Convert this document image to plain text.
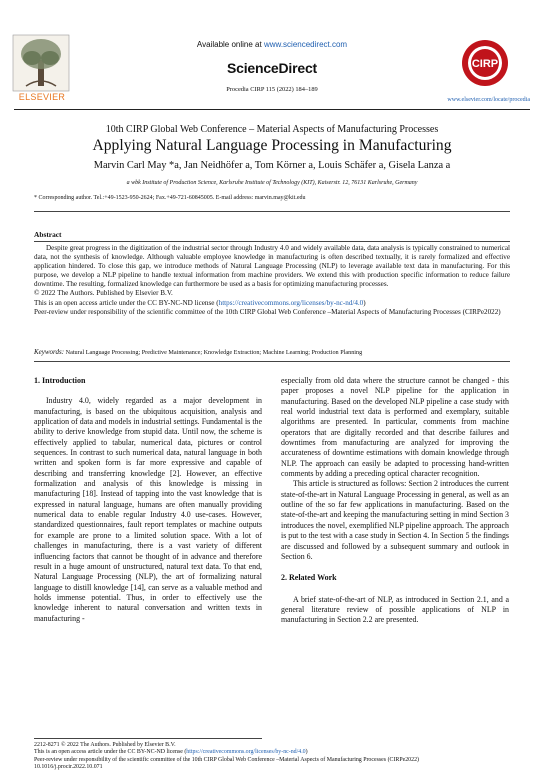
ELSEVIER
Available online at www.sciencedirect.com
ScienceDirect
Procedia CIRP 115 (2022) 184–189
CIRP
www.elsevier.com/locate/procedia
10th CIRP Global Web Conference – Material Aspects of Manufacturing Processes
Applying Natural Language Processing in Manufacturing
Marvin Carl May *a, Jan Neidhöfer a, Tom Körner a, Louis Schäfer a, Gisela Lanza a
a wbk Institute of Production Science, Karlsruhe Institute of Technology (KIT), Kaiserstr. 12, 76131 Karlsruhe, Germany
* Corresponding author. Tel.:+49-1523-950-2624; Fax.+49-721-60845005. E-mail address: marvin.may@kit.edu
Abstract

Despite great progress in the digitization of the industrial sector through Industry 4.0 and widely available data, data analysis is typically constrained to numerical data, not the synthesis of knowledge. Although valuable employee knowledge in manufacturing is often described textually, it is rarely formalized and effective application hindered. To close this gap, we introduce methods of Natural Language Processing (NLP) to leverage available text data in manufacturing. For this purpose, we develop a NLP pipeline to handle textual information from machine providers. We extend this with production specific information to reduce failure downtime. The resulting, formalized knowledge can furthermore be used as a basis for optimizing manufacturing processes.

© 2022 The Authors. Published by Elsevier B.V.

This is an open access article under the CC BY-NC-ND license (https://creativecommons.org/licenses/by-nc-nd/4.0)

Peer-review under responsibility of the scientific committee of the 10th CIRP Global Web Conference –Material Aspects of Manufacturing Processes (CIRPe2022)

Keywords: Natural Language Processing; Predictive Maintenance; Knowledge Extraction; Machine Learning; Production Planning

1. Introduction

Industry 4.0, widely regarded as a major development in manufacturing, is based on the ubiquitous acquisition, analysis and application of data and models in industrial settings. Fundamental is the ability to derive knowledge from stupid data. Until now, the scheme is effectively applied to tabular, numerical data, pictures or control sequences. In contrast to such numerical data, natural language in both written and spoken form is far more expressive and capable of describing and transferring knowledge [2]. However, an effective formalization and analysis of this knowledge is missing in manufacturing [18]. Instead of tapping into the vast knowledge that is expressed in natural language, humans are often manually providing numerical data to enable regular Industry 4.0 use-cases. However, standardized questionnaires, fault report templates or machine outputs for example are prone to a limited solution space. With a lot of challenges in manufacturing, there is a vast variety of different influencing factors that cannot be thought of in advance and therefore result in a huge amount of unstructured, natural text data. To that end, Natural Language Processing (NLP), the art of formalizing natural language to distill knowledge [14], can serve as a valuable method and holds immense potential. Thus, in order to effectively use the knowledge inherent to natural conversation and written texts in manufacturing -

especially from old data where the structure cannot be changed - this paper proposes a novel NLP pipeline for the application in manufacturing. Based on the developed NLP pipeline a case study with real world industrial text data is performed and exemplary, suitable algorithms are presented. In particular, comments from machine operators that are digitally recorded and that describe failures and downtimes from manufacturing are analyzed for improving the accurateness of downtime estimations with domain knowledge through NLP. The approach can easily be adapted to processing hand-written comments by adding a preceding optical character recognition.

This article is structured as follows: Section 2 introduces the current state-of-the-art in Natural Language Processing in general, as well as an outline of the so far few applications in manufacturing. Based on the state-of-the-art and keeping the manufacturing setting in mind Section 3 introduces the novel, exemplified NLP pipeline approach. The approach is put to the test with a case study in Section 4. In Section 5 the findings are discussed and followed by a subsequent summary and outlook in Section 6.

2. Related Work

A brief state-of-the-art of NLP, as introduced in Section 2.1, and a general literature review of possible applications of NLP in manufacturing in Section 2.2 are presented.

2212-8271 © 2022 The Authors. Published by Elsevier B.V.
This is an open access article under the CC BY-NC-ND license (https://creativecommons.org/licenses/by-nc-nd/4.0)
Peer-review under responsibility of the scientific committee of the 10th CIRP Global Web Conference –Material Aspects of Manufacturing Processes (CIRPe2022)
10.1016/j.procir.2022.10.071
